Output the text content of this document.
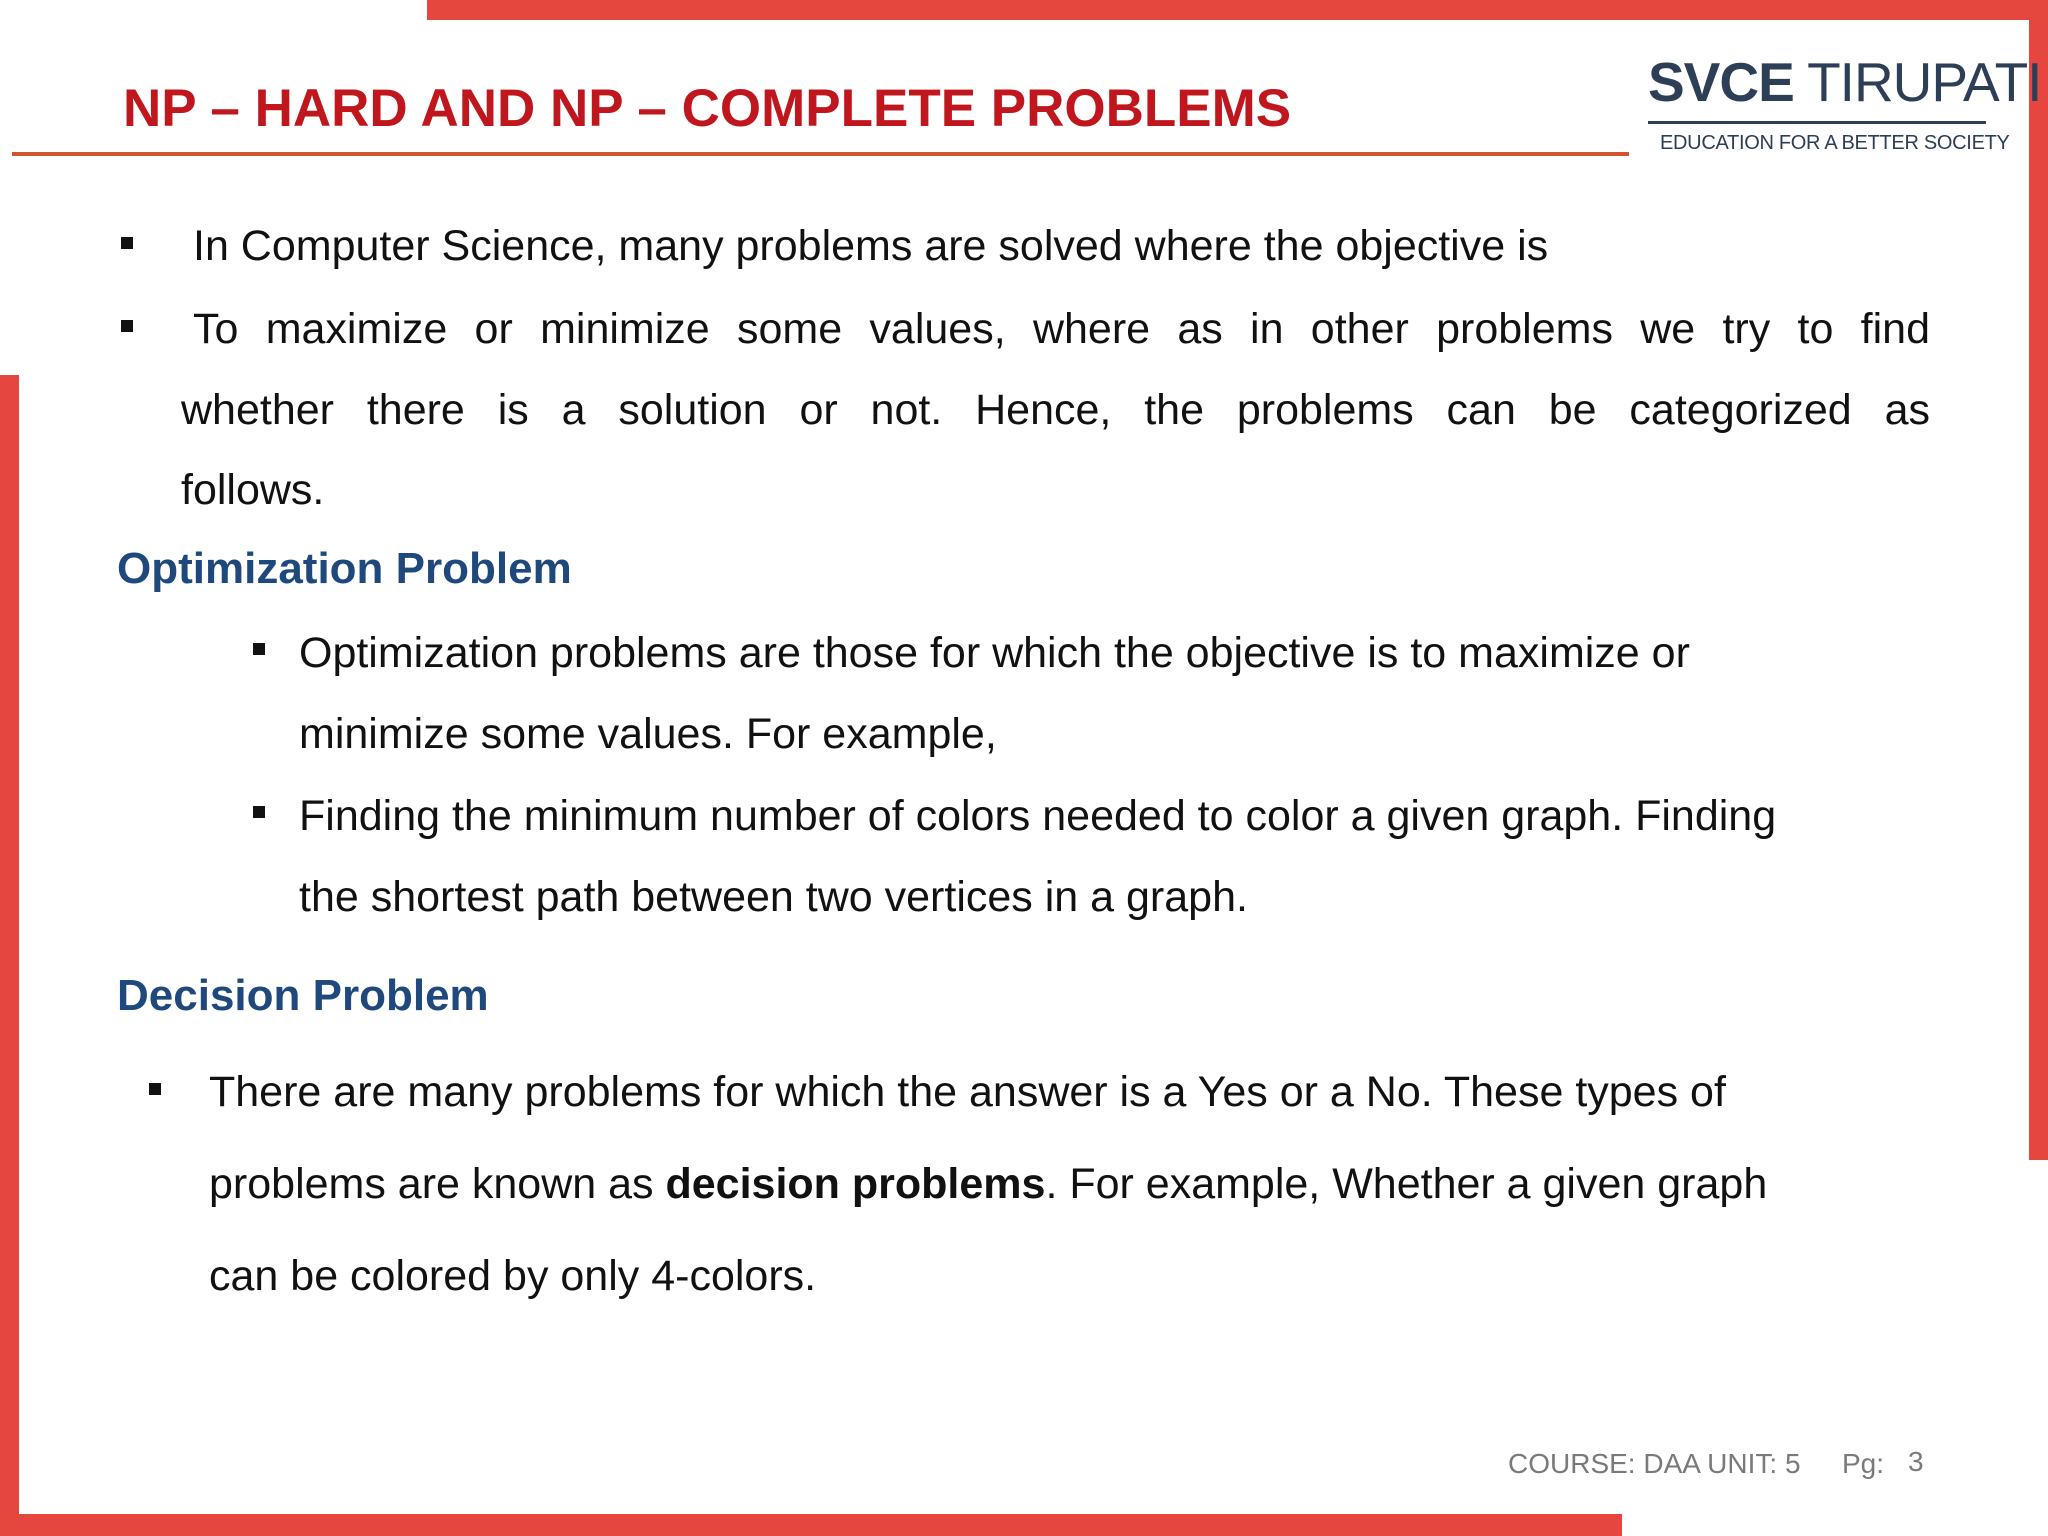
NP – HARD AND NP – COMPLETE PROBLEMS	SVCE TIRUPATI
EDUCATION FOR A BETTER SOCIETY

In Computer Science, many problems are solved where the objective is

To maximize or minimize some values, where as in other problems we try to find

whether there is a solution or not. Hence, the problems can be categorized as

follows.

Optimization Problem

Optimization problems are those for which the objective is to maximize or

minimize some values. For example,

Finding the minimum number of colors needed to color a given graph. Finding

the shortest path between two vertices in a graph.

Decision Problem

There are many problems for which the answer is a Yes or a No. These types of

problems are known as decision problems. For example, Whether a given graph

can be colored by only 4-colors.

COURSE: DAA UNIT: 5 Pg: 3
